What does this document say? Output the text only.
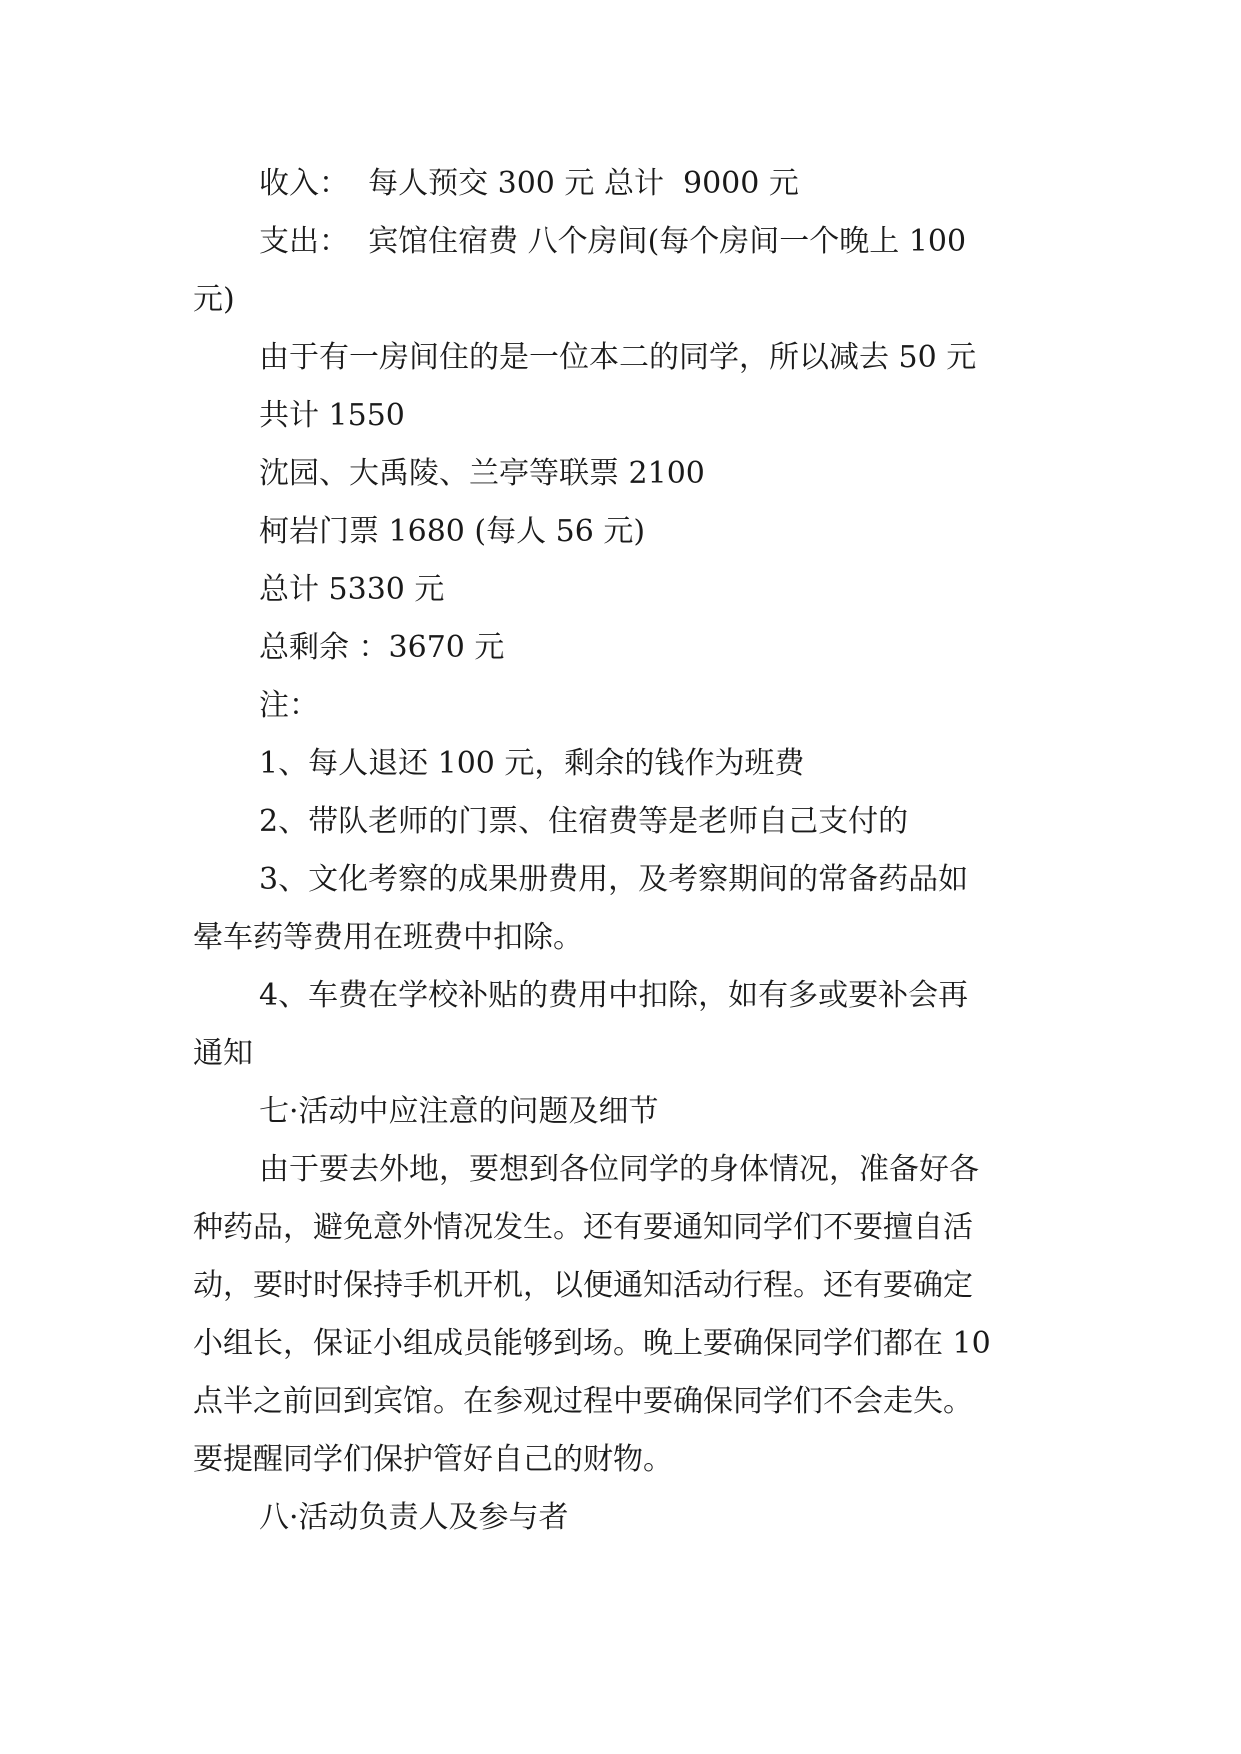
收入：  每人预交 300 元 总计  9000 元

支出：  宾馆住宿费 八个房间(每个房间一个晚上 100

元)

由于有一房间住的是一位本二的同学，所以减去 50 元

共计 1550

沈园、大禹陵、兰亭等联票 2100

柯岩门票 1680 (每人 56 元)

总计 5330 元

总剩余 ：3670 元

注：

1、每人退还 100 元，剩余的钱作为班费

2、带队老师的门票、住宿费等是老师自己支付的

3、文化考察的成果册费用，及考察期间的常备药品如

晕车药等费用在班费中扣除。

4、车费在学校补贴的费用中扣除，如有多或要补会再

通知

七·活动中应注意的问题及细节

由于要去外地，要想到各位同学的身体情况，准备好各

种药品，避免意外情况发生。还有要通知同学们不要擅自活

动，要时时保持手机开机，以便通知活动行程。还有要确定

小组长，保证小组成员能够到场。晚上要确保同学们都在 10

点半之前回到宾馆。在参观过程中要确保同学们不会走失。

要提醒同学们保护管好自己的财物。

八·活动负责人及参与者
